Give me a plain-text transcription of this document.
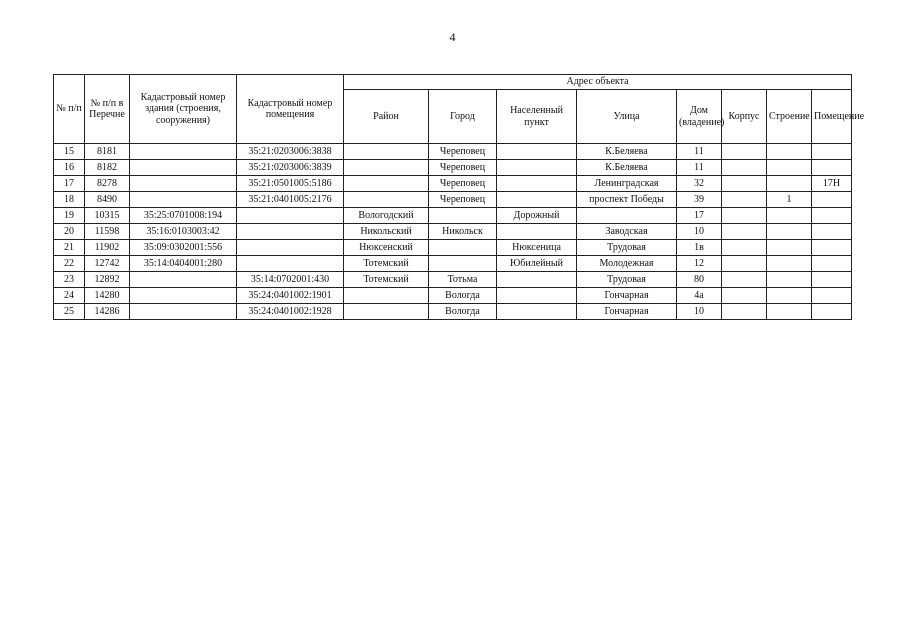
4
№ п/п	№ п/п в Перечне	Кадастровый номер здания (строения, сооружения)	Кадастровый номер помещения	Адрес объекта							
				Район	Город	Населенный пункт	Улица	Дом (владение)	Корпус	Строение	Помещение
15	8181		35:21:0203006:3838		Череповец		К.Беляева	11			
16	8182		35:21:0203006:3839		Череповец		К.Беляева	11			
17	8278		35:21:0501005:5186		Череповец		Ленинградская	32			17Н
18	8490		35:21:0401005:2176		Череповец		проспект Победы	39		1	
19	10315	35:25:0701008:194		Вологодский		Дорожный		17			
20	11598	35:16:0103003:42		Никольский	Никольск		Заводская	10			
21	11902	35:09:0302001:556		Нюксенский		Нюксеница	Трудовая	1в			
22	12742	35:14:0404001:280		Тотемский		Юбилейный	Молодежная	12			
23	12892		35:14:0702001:430	Тотемский	Тотьма		Трудовая	80			
24	14280		35:24:0401002:1901		Вологда		Гончарная	4а			
25	14286		35:24:0401002:1928		Вологда		Гончарная	10			
